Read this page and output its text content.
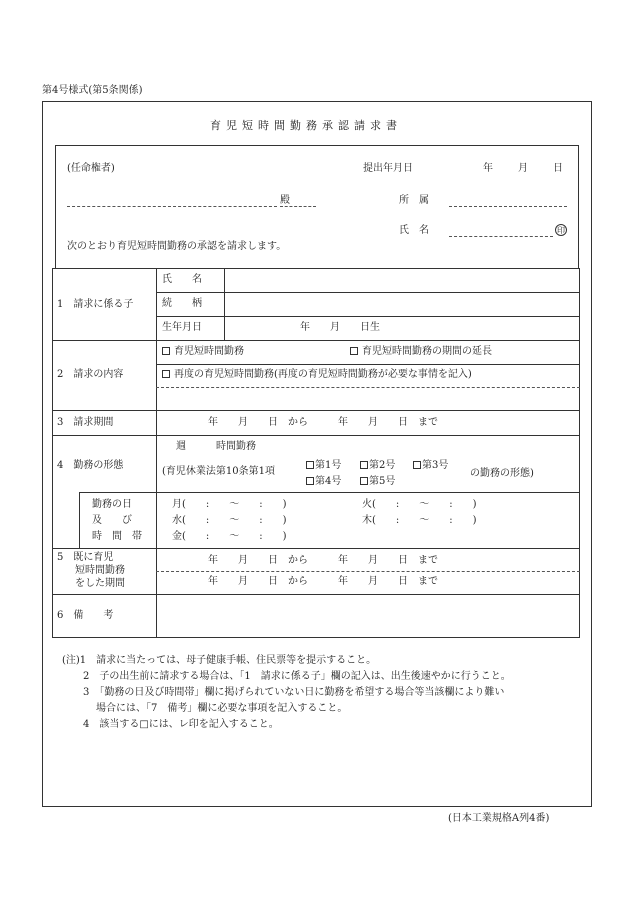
第4号様式(第5条関係)
育児短時間勤務承認請求書
(任命権者)	提出年月日	年	月	日
殿	所　属
氏　名	印
次のとおり育児短時間勤務の承認を請求します。
1　請求に係る子
氏　　名
続　　柄
生年月日	年　　月　　日生
2　請求の内容
育児短時間勤務	育児短時間勤務の期間の延長
再度の育児短時間勤務(再度の育児短時間勤務が必要な事情を記入)
3　請求期間	年　　月　　日　から　　　年　　月　　日　まで
4　勤務の形態
週　　　時間勤務
(育児休業法第10条第1項
第1号	第2号	第3号
第4号	第5号
の勤務の形態)
勤務の日
及　　び
時　間　帯
月(　　:　　～　　:　　)	火(　　:　　～　　:　　)
水(　　:　　～　　:　　)	木(　　:　　～　　:　　)
金(　　:　　～　　:　　)
5　既に育児
短時間勤務
をした期間
年　　月　　日　から　　　年　　月　　日　まで
年　　月　　日　から　　　年　　月　　日　まで
6　備　　考
(注)1　請求に当たっては、母子健康手帳、住民票等を提示すること。
2　子の出生前に請求する場合は、「1　請求に係る子」欄の記入は、出生後速やかに行うこと。
3　「勤務の日及び時間帯」欄に掲げられていない日に勤務を希望する場合等当該欄により難い
場合には、「7　備考」欄に必要な事項を記入すること。
4　該当する□には、レ印を記入すること。
(日本工業規格A列4番)
